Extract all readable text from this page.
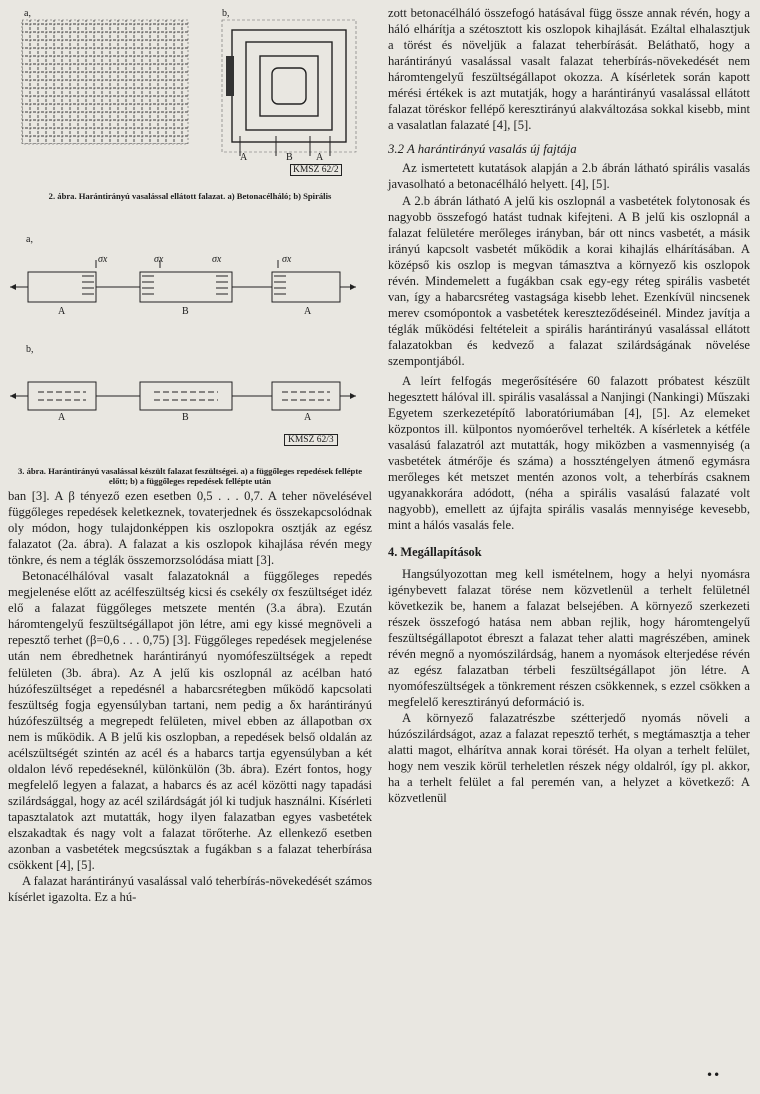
a,	b,
A	B A
KMSZ 62/2
2. ábra. Harántirányú vasalással ellátott falazat. a) Betonacélháló; b) Spirális
a,
b,
σx	σx	σx	σx
A	B	A
A	B	A
KMSZ 62/3
3. ábra. Harántirányú vasalással készült falazat feszültségei. a) a függőleges repedések fellépte előtt; b) a függőleges repedések fellépte után

ban [3]. A β tényező ezen esetben 0,5 . . . 0,7. A teher növelésével függőleges repedések keletkeznek, tovaterjednek és összekapcsolódnak oly módon, hogy tulajdonképpen kis oszlopokra osztják az egész falazatot (2a. ábra). A falazat a kis oszlopok kihajlása révén megy tönkre, és nem a téglák összemorzsolódása miatt [3].

Betonacélhálóval vasalt falazatoknál a függőleges repedés megjelenése előtt az acélfeszültség kicsi és csekély σx feszültséget idéz elő a falazat függőleges metszete mentén (3.a ábra). Ezután háromtengelyű feszültségállapot jön létre, ami egy kissé megnöveli a repesztő terhet (β=0,6 . . . 0,75) [3]. Függőleges repedések megjelenése után nem ébredhetnek harántirányú nyomófeszültségek a repedt felületen (3b. ábra). Az A jelű kis oszlopnál az acélban ható húzófeszültséget a repedésnél a habarcsrétegben működő kapcsolati feszültség fogja egyensúlyban tartani, nem pedig a δx harántirányú húzófeszültség a megrepedt felületen, mivel ebben az állapotban σx nem is működik. A B jelű kis oszlopban, a repedések belső oldalán az acélszültségét szintén az acél és a habarcs tartja egyensúlyban a két oldalon lévő repedéseknél, különkülön (3b. ábra). Ezért fontos, hogy megfelelő legyen a falazat, a habarcs és az acél közötti nagy tapadási szilárdsággal, hogy az acél szilárdságát jól ki tudjuk használni. Kísérleti tapasztalatok azt mutatták, hogy ilyen falazatban egyes vasbetétek elszakadtak és nagy volt a falazat törőterhe. Az ellenkező esetben azonban a vasbetétek megcsúsztak a fugákban s a falazat teherbírása csökkent [4], [5].

A falazat harántirányú vasalással való teherbírás-növekedését számos kísérlet igazolta. Ez a hú-

zott betonacélháló összefogó hatásával függ össze annak révén, hogy a háló elhárítja a szétosztott kis oszlopok kihajlását. Ezáltal elhalasztjuk a törést és növeljük a falazat teherbírását. Beláthatő, hogy a harántirányú vasalással vasalt falazat teherbírás-növekedését nem háromtengelyű feszültségállapot okozza. A kísérletek során kapott mérési értékek is azt mutatják, hogy a harántirányú vasalással ellátott falazat töréskor fellépő keresztirányú alakváltozása sokkal kisebb, mint a vasalatlan falazaté [4], [5].

3.2 A harántirányú vasalás új fajtája

Az ismertetett kutatások alapján a 2.b ábrán látható spirális vasalás javasolható a betonacélháló helyett. [4], [5].

A 2.b ábrán látható A jelű kis oszlopnál a vasbetétek folytonosak és nagyobb összefogó hatást tudnak kifejteni. A B jelű kis oszlopnál a falazat felületére merőleges irányban, bár ott nincs vasbetét, a másik irányú kapcsolt vasbetét működik a korai kihajlás elhárításában. A középső kis oszlop is megvan támasztva a környező kis oszlopok révén. Mindemelett a fugákban csak egy-egy réteg spirális vasbetét van, így a habarcsréteg vastagsága kisebb lehet. Ezenkívül nincsenek merev csomópontok a vasbetétek kereszteződéseinél. Mindez javítja a téglák működési feltételeit a spirális harántirányú vasalással ellátott falazatokban és kedvező a falazat szilárdságának növelése szempontjából.

A leírt felfogás megerősítésére 60 falazott próbatest készült hegesztett hálóval ill. spirális vasalással a Nanjingi (Nankingi) Műszaki Egyetem szerkezetépítő laboratóriumában [4], [5]. Az elemeket központos ill. külpontos nyomóerővel terhelték. A kísérletek a kétféle vasalású falazatról azt mutatták, hogy miközben a vasmennyiség (a vasbetétek átmérője és száma) a hosszténgelyen átmenő egymásra merőleges két metszet mentén azonos volt, a teherbírás csaknem ugyanakkorára adódott, (néha a spirális vasalású falazaté volt nagyobb), emellett az újfajta spirális vasalás mennyisége kevesebb, mint a hálós vasalás fele.

4. Megállapítások

Hangsúlyozottan meg kell ismételnem, hogy a helyi nyomásra igénybevett falazat törése nem közvetlenül a terhelt felületnél következik be, hanem a falazat belsejében. A környező szerkezeti részek összefogó hatása nem abban rejlik, hogy háromtengelyű feszültségállapotot ébreszt a falazat teher alatti magrészében, aminek révén megnő a nyomószilárdság, hanem a nyomások elterjedése révén az egész falazatban térbeli feszültségállapot jön létre. A nyomófeszültségek a tönkrement részen csökkennek, s ezzel csökken a megfelelő keresztirányú deformáció is.

A környező falazatrészbe szétterjedő nyomás növeli a húzószilárdságot, azaz a falazat repesztő terhét, s megtámasztja a teher alatti magot, elhárítva annak korai törését. Ha olyan a terhelt felület, hogy nem veszik körül terheletlen részek négy oldalról, így pl. akkor, ha a terhelt felület a fal peremén van, a helyzet a következő: A közvetlenül

••
